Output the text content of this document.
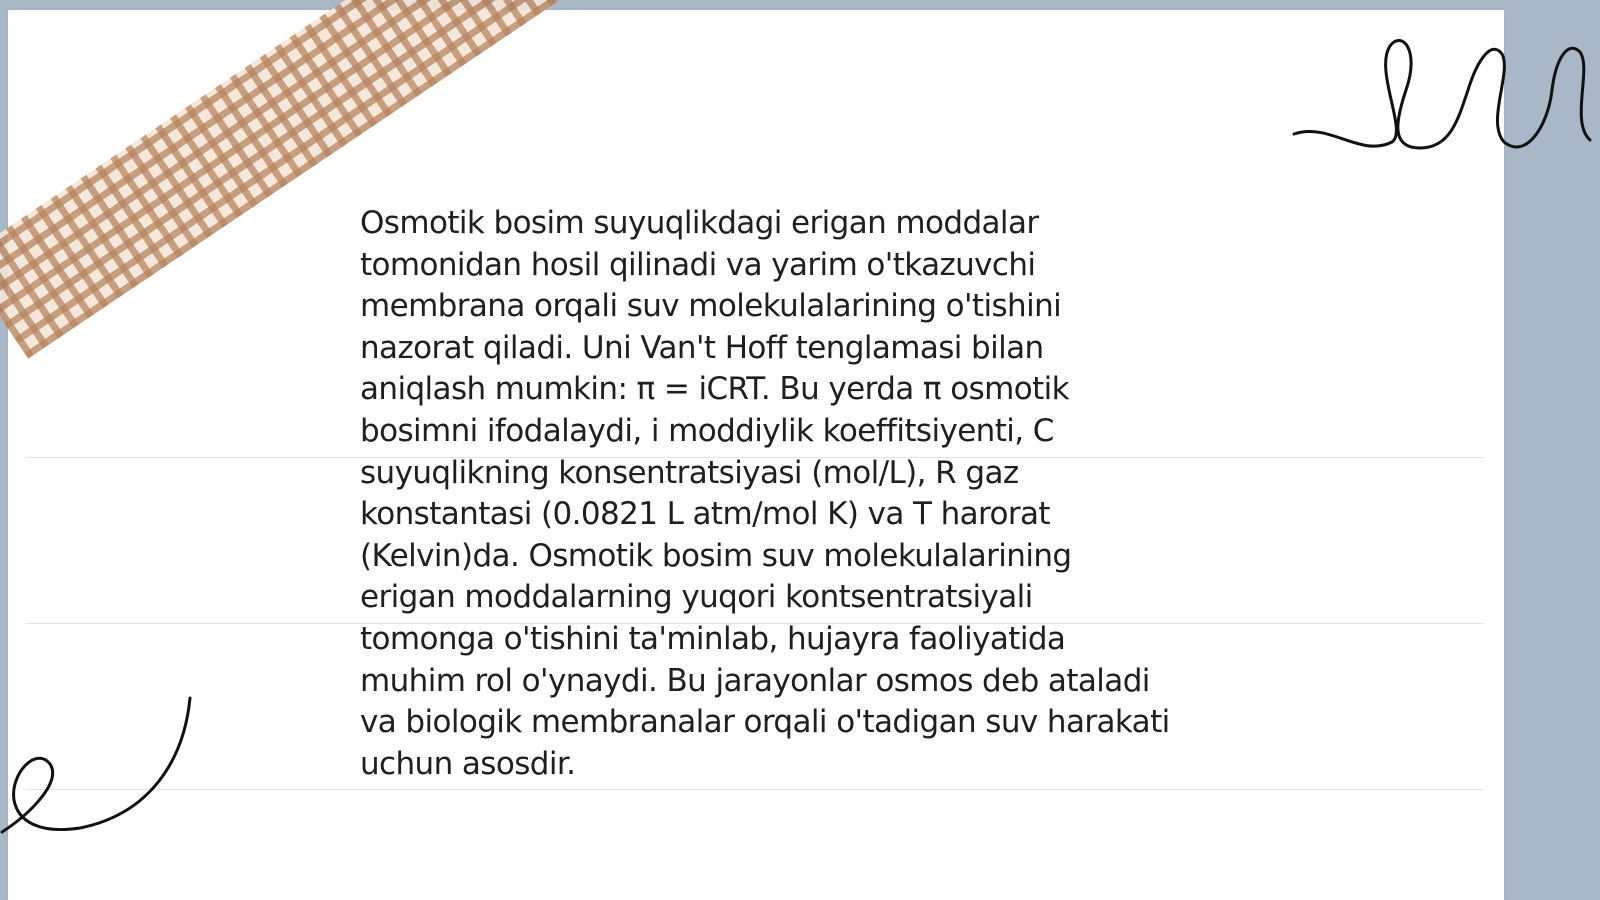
Osmotik bosim suyuqlikdagi erigan moddalar
tomonidan hosil qilinadi va yarim o'tkazuvchi
membrana orqali suv molekulalarining o'tishini
nazorat qiladi. Uni Van't Hoff tenglamasi bilan
aniqlash mumkin: π = iCRT. Bu yerda π osmotik
bosimni ifodalaydi, i moddiylik koeffitsiyenti, C
suyuqlikning konsentratsiyasi (mol/L), R gaz
konstantasi (0.0821 L atm/mol K) va T harorat
(Kelvin)da. Osmotik bosim suv molekulalarining
erigan moddalarning yuqori kontsentratsiyali
tomonga o'tishini ta'minlab, hujayra faoliyatida
muhim rol o'ynaydi. Bu jarayonlar osmos deb ataladi
va biologik membranalar orqali o'tadigan suv harakati
uchun asosdir.
